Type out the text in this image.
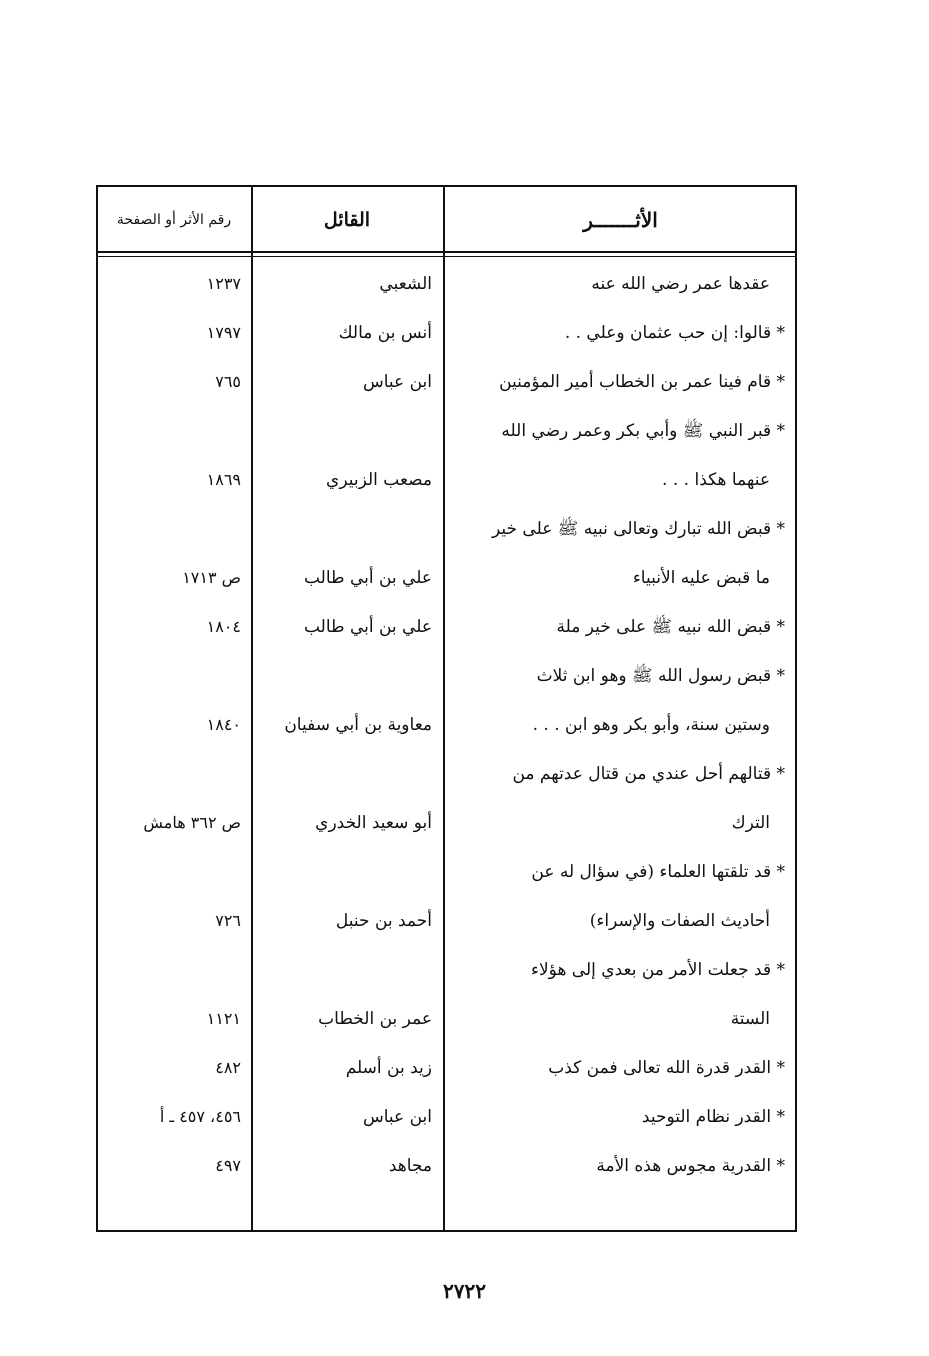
الأثـــــــر
القائل
رقم الأثر أو الصفحة
عقدها عمر رضي الله عنه
الشعبي
١٢٣٧
* قالوا: إن حب عثمان وعلي . .
أنس بن مالك
١٧٩٧
* قام فينا عمر بن الخطاب أمير المؤمنين
ابن عباس
٧٦٥
* قبر النبي ﷺ وأبي بكر وعمر رضي الله
عنهما هكذا . . .
مصعب الزبيري
١٨٦٩
* قبض الله تبارك وتعالى نبيه ﷺ على خير
ما قبض عليه الأنبياء
علي بن أبي طالب
ص ١٧١٣
* قبض الله نبيه ﷺ على خير ملة
علي بن أبي طالب
١٨٠٤
* قبض رسول الله ﷺ وهو ابن ثلاث
وستين سنة، وأبو بكر وهو ابن . . .
معاوية بن أبي سفيان
١٨٤٠
* قتالهم أحل عندي من قتال عدتهم من
الترك
أبو سعيد الخدري
ص ٣٦٢ هامش
* قد تلقتها العلماء (في سؤال له عن
أحاديث الصفات والإسراء)
أحمد بن حنبل
٧٢٦
* قد جعلت الأمر من بعدي إلى هؤلاء
الستة
عمر بن الخطاب
١١٢١
* القدر قدرة الله تعالى فمن كذب
زيد بن أسلم
٤٨٢
* القدر نظام التوحيد
ابن عباس
٤٥٦، ٤٥٧ ـ أ
* القدرية مجوس هذه الأمة
مجاهد
٤٩٧
٢٧٢٢
